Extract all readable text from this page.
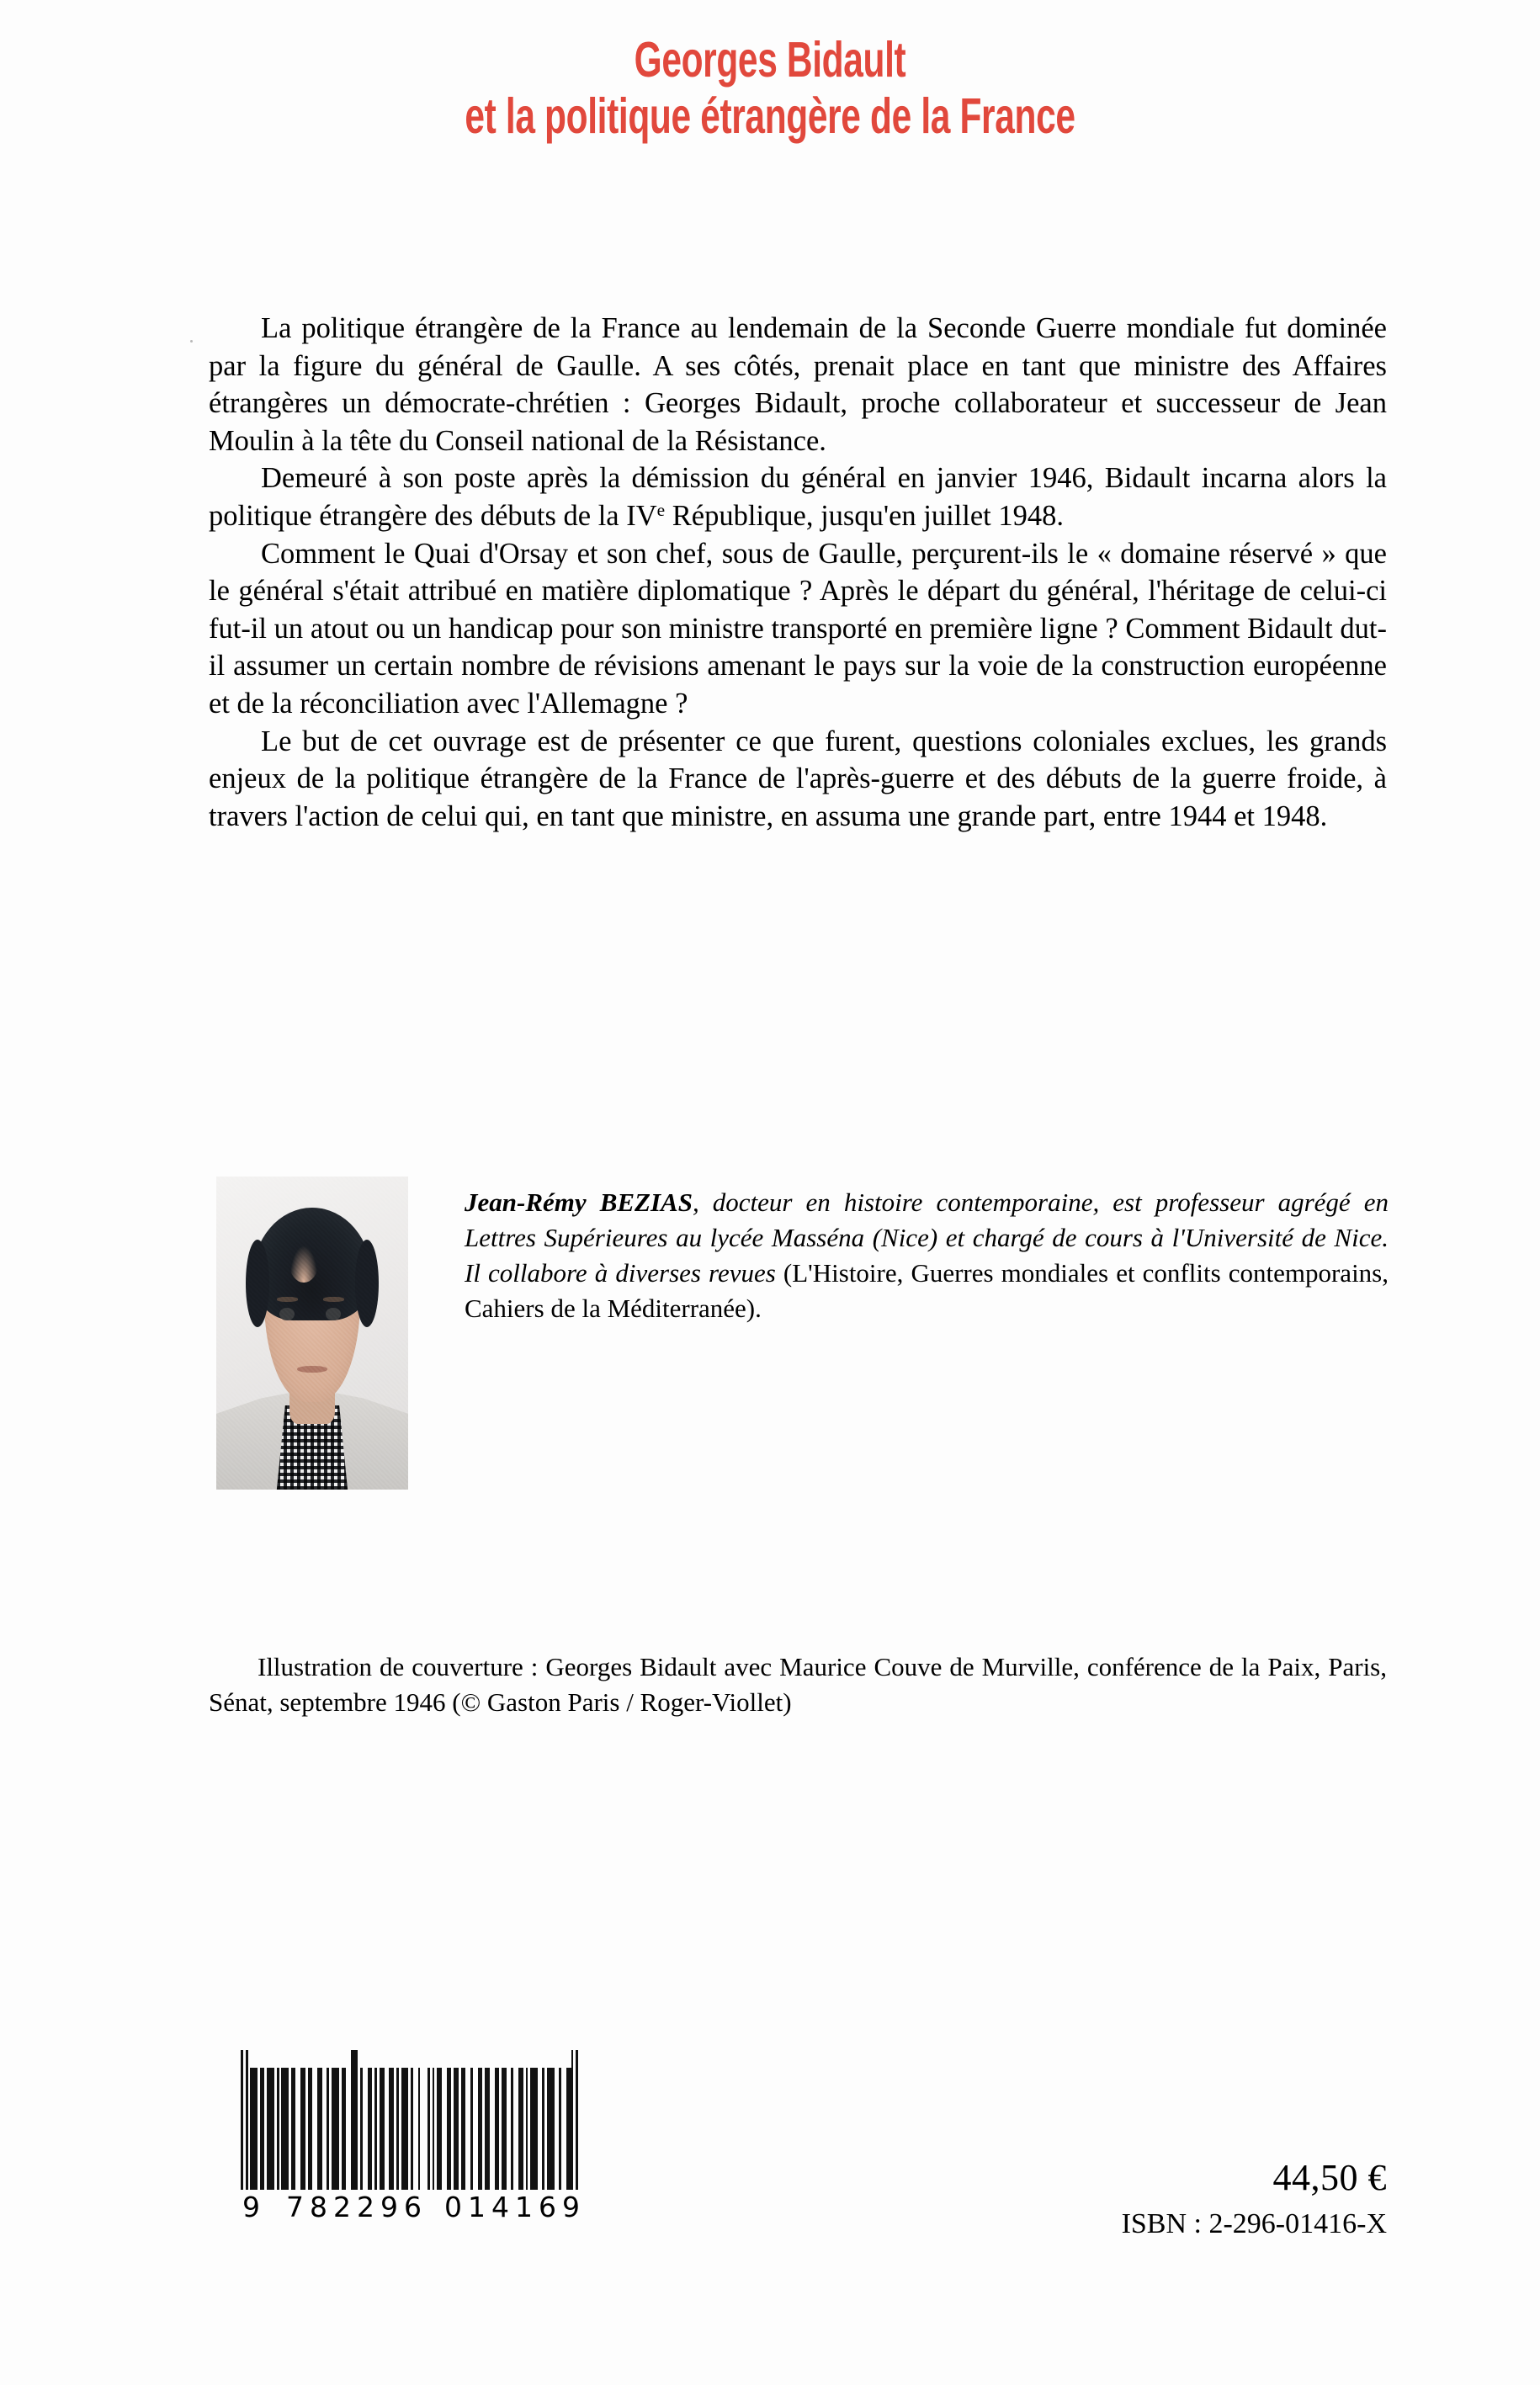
Georges Bidault
et la politique étrangère de la France

La politique étrangère de la France au lendemain de la Seconde Guerre mondiale fut dominée par la figure du général de Gaulle. A ses côtés, prenait place en tant que ministre des Affaires étrangères un démocrate-chrétien : Georges Bidault, proche collaborateur et successeur de Jean Moulin à la tête du Conseil national de la Résistance.

Demeuré à son poste après la démission du général en janvier 1946, Bidault incarna alors la politique étrangère des débuts de la IVe République, jusqu'en juillet 1948.

Comment le Quai d'Orsay et son chef, sous de Gaulle, perçurent-ils le « domaine réservé » que le général s'était attribué en matière diplomatique ? Après le départ du général, l'héritage de celui-ci fut-il un atout ou un handicap pour son ministre transporté en première ligne ? Comment Bidault dut-il assumer un certain nombre de révisions amenant le pays sur la voie de la construction européenne et de la réconciliation avec l'Allemagne ?

Le but de cet ouvrage est de présenter ce que furent, questions coloniales exclues, les grands enjeux de la politique étrangère de la France de l'après-guerre et des débuts de la guerre froide, à travers l'action de celui qui, en tant que ministre, en assuma une grande part, entre 1944 et 1948.

Jean-Rémy BEZIAS, docteur en histoire contemporaine, est professeur agrégé en Lettres Supérieures au lycée Masséna (Nice) et chargé de cours à l'Université de Nice. Il collabore à diverses revues (L'Histoire, Guerres mondiales et conflits contemporains, Cahiers de la Méditerranée).

Illustration de couverture : Georges Bidault avec Maurice Couve de Murville, conférence de la Paix, Paris, Sénat, septembre 1946 (© Gaston Paris / Roger-Viollet)

9 782296 014169
44,50 €
ISBN : 2-296-01416-X
